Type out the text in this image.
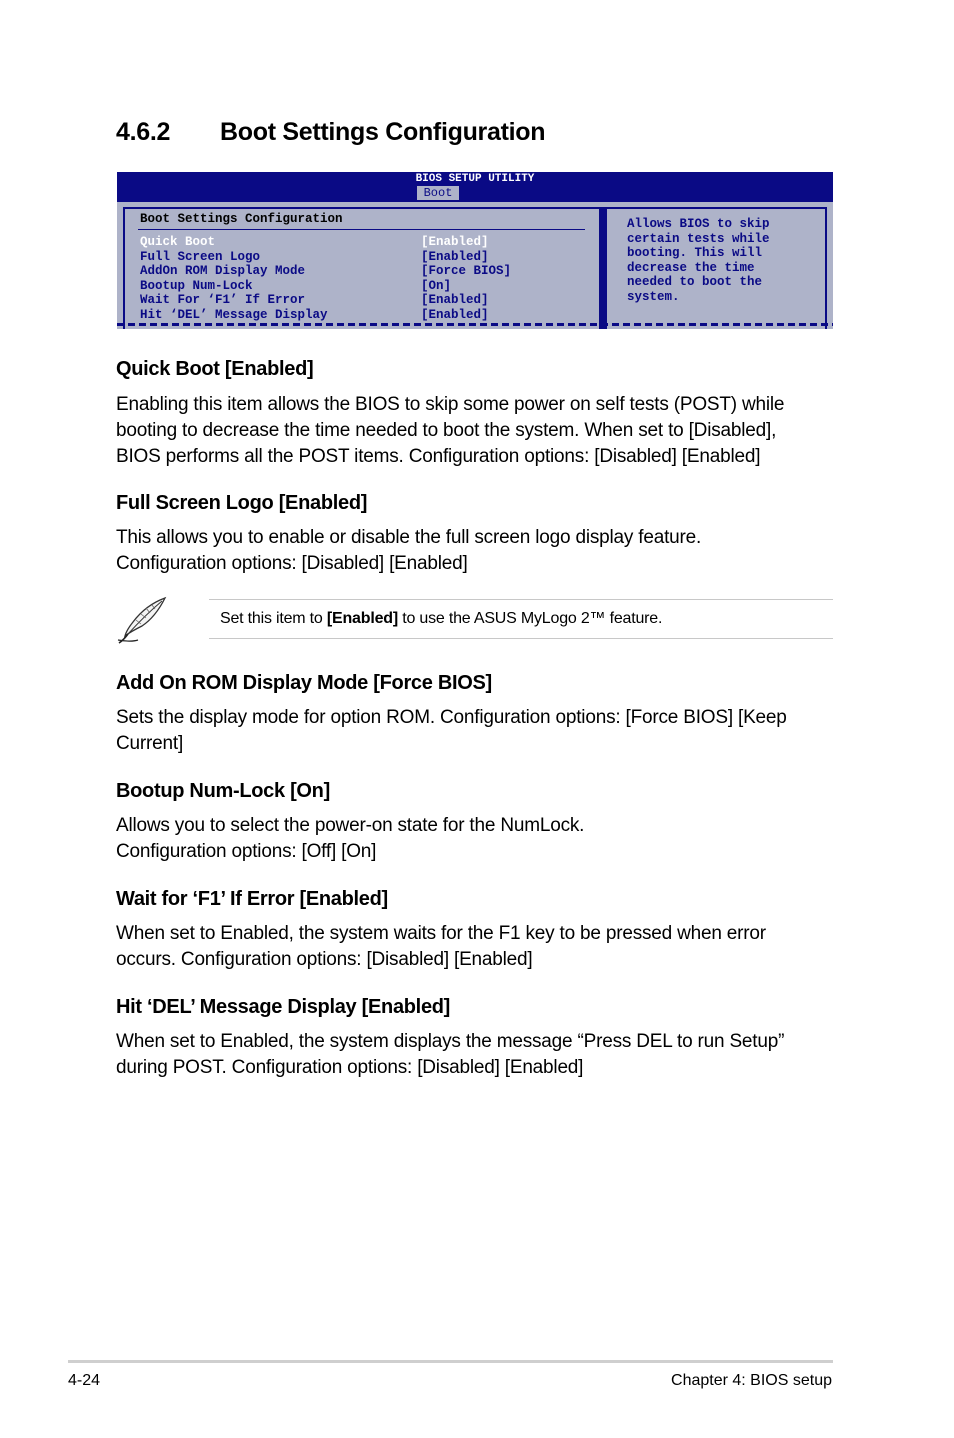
4.6.2 Boot Settings Configuration
BIOS SETUP UTILITY
Boot
Boot Settings Configuration
Quick Boot	[Enabled]
Full Screen Logo	[Enabled]
AddOn ROM Display Mode	[Force BIOS]
Bootup Num-Lock	[On]
Wait For ‘F1’ If Error	[Enabled]
Hit ‘DEL’ Message Display	[Enabled]

Allows BIOS to skip
certain tests while
booting. This will
decrease the time
needed to boot the
system.

Quick Boot [Enabled]

Enabling this item allows the BIOS to skip some power on self tests (POST) while
booting to decrease the time needed to boot the system. When set to [Disabled],
BIOS performs all the POST items. Configuration options: [Disabled] [Enabled]

Full Screen Logo [Enabled]

This allows you to enable or disable the full screen logo display feature.
Configuration options: [Disabled] [Enabled]

Set this item to [Enabled] to use the ASUS MyLogo 2™ feature.

Add On ROM Display Mode [Force BIOS]

Sets the display mode for option ROM. Configuration options: [Force BIOS] [Keep
Current]

Bootup Num-Lock [On]

Allows you to select the power-on state for the NumLock.
Configuration options: [Off] [On]

Wait for ‘F1’ If Error [Enabled]

When set to Enabled, the system waits for the F1 key to be pressed when error
occurs. Configuration options: [Disabled] [Enabled]

Hit ‘DEL’ Message Display [Enabled]

When set to Enabled, the system displays the message “Press DEL to run Setup”
during POST. Configuration options: [Disabled] [Enabled]

4-24	Chapter 4: BIOS setup
